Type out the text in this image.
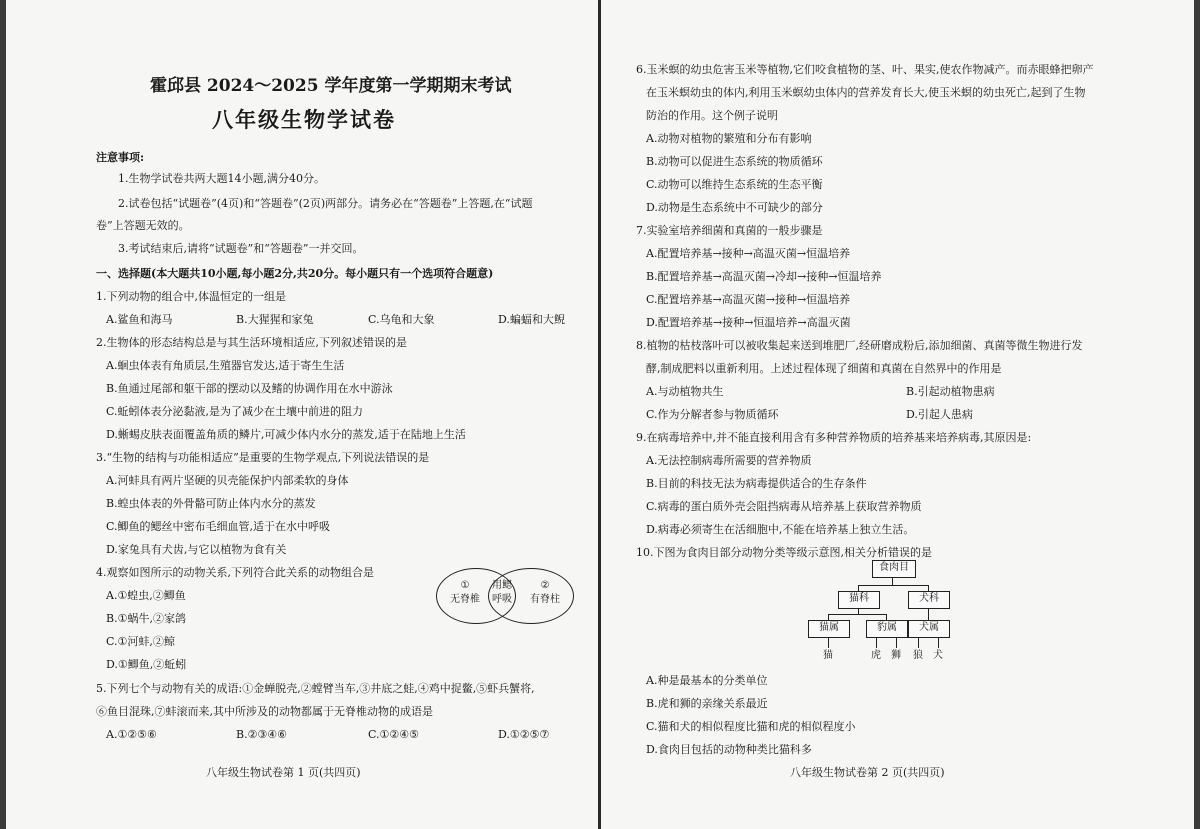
霍邱县 2024～2025 学年度第一学期期末考试
八年级生物学试卷
注意事项:
1.生物学试卷共两大题14小题,满分40分。
2.试卷包括“试题卷”(4页)和“答题卷”(2页)两部分。请务必在“答题卷”上答题,在“试题
卷”上答题无效的。
3.考试结束后,请将“试题卷”和“答题卷”一并交回。
一、选择题(本大题共10小题,每小题2分,共20分。每小题只有一个选项符合题意)
1.下列动物的组合中,体温恒定的一组是
A.鲨鱼和海马	B.大猩猩和家兔	C.乌龟和大象	D.蝙蝠和大鲵
2.生物体的形态结构总是与其生活环境相适应,下列叙述错误的是
A.蛔虫体表有角质层,生殖器官发达,适于寄生生活
B.鱼通过尾部和躯干部的摆动以及鳍的协调作用在水中游泳
C.蚯蚓体表分泌黏液,是为了减少在土壤中前进的阻力
D.蜥蜴皮肤表面覆盖角质的鳞片,可减少体内水分的蒸发,适于在陆地上生活
3.“生物的结构与功能相适应”是重要的生物学观点,下列说法错误的是
A.河蚌具有两片坚硬的贝壳能保护内部柔软的身体
B.蝗虫体表的外骨骼可防止体内水分的蒸发
C.鲫鱼的鳃丝中密布毛细血管,适于在水中呼吸
D.家兔具有犬齿,与它以植物为食有关
4.观察如图所示的动物关系,下列符合此关系的动物组合是
A.①蝗虫,②鲫鱼
B.①蜗牛,②家鸽
C.①河蚌,②鲸
D.①鲫鱼,②蚯蚓
①
无脊椎
用鳃
呼吸
②
有脊柱
5.下列七个与动物有关的成语:①金蝉脱壳,②螳臂当车,③井底之蛙,④鸡中捉鳖,⑤虾兵蟹将,
⑥鱼目混珠,⑦蚌滚而来,其中所涉及的动物都属于无脊椎动物的成语是
A.①②⑤⑥	B.②③④⑥	C.①②④⑤	D.①②⑤⑦
八年级生物试卷第 1 页(共四页)
6.玉米螟的幼虫危害玉米等植物,它们咬食植物的茎、叶、果实,使农作物减产。而赤眼蜂把卵产
在玉米螟幼虫的体内,利用玉米螟幼虫体内的营养发育长大,使玉米螟的幼虫死亡,起到了生物
防治的作用。这个例子说明
A.动物对植物的繁殖和分布有影响
B.动物可以促进生态系统的物质循环
C.动物可以维持生态系统的生态平衡
D.动物是生态系统中不可缺少的部分
7.实验室培养细菌和真菌的一般步骤是
A.配置培养基→接种→高温灭菌→恒温培养
B.配置培养基→高温灭菌→冷却→接种→恒温培养
C.配置培养基→高温灭菌→接种→恒温培养
D.配置培养基→接种→恒温培养→高温灭菌
8.植物的枯枝落叶可以被收集起来送到堆肥厂,经研磨成粉后,添加细菌、真菌等微生物进行发
酵,制成肥料以重新利用。上述过程体现了细菌和真菌在自然界中的作用是
A.与动植物共生	B.引起动植物患病
C.作为分解者参与物质循环	D.引起人患病
9.在病毒培养中,并不能直接利用含有多种营养物质的培养基来培养病毒,其原因是:
A.无法控制病毒所需要的营养物质
B.目前的科技无法为病毒提供适合的生存条件
C.病毒的蛋白质外壳会阻挡病毒从培养基上获取营养物质
D.病毒必须寄生在活细胞中,不能在培养基上独立生活。
10.下图为食肉目部分动物分类等级示意图,相关分析错误的是
食肉目
猫科	犬科
猫属	豹属	犬属
猫	虎 狮 狼 犬
A.种是最基本的分类单位
B.虎和狮的亲缘关系最近
C.猫和犬的相似程度比猫和虎的相似程度小
D.食肉目包括的动物种类比猫科多
八年级生物试卷第 2 页(共四页)
